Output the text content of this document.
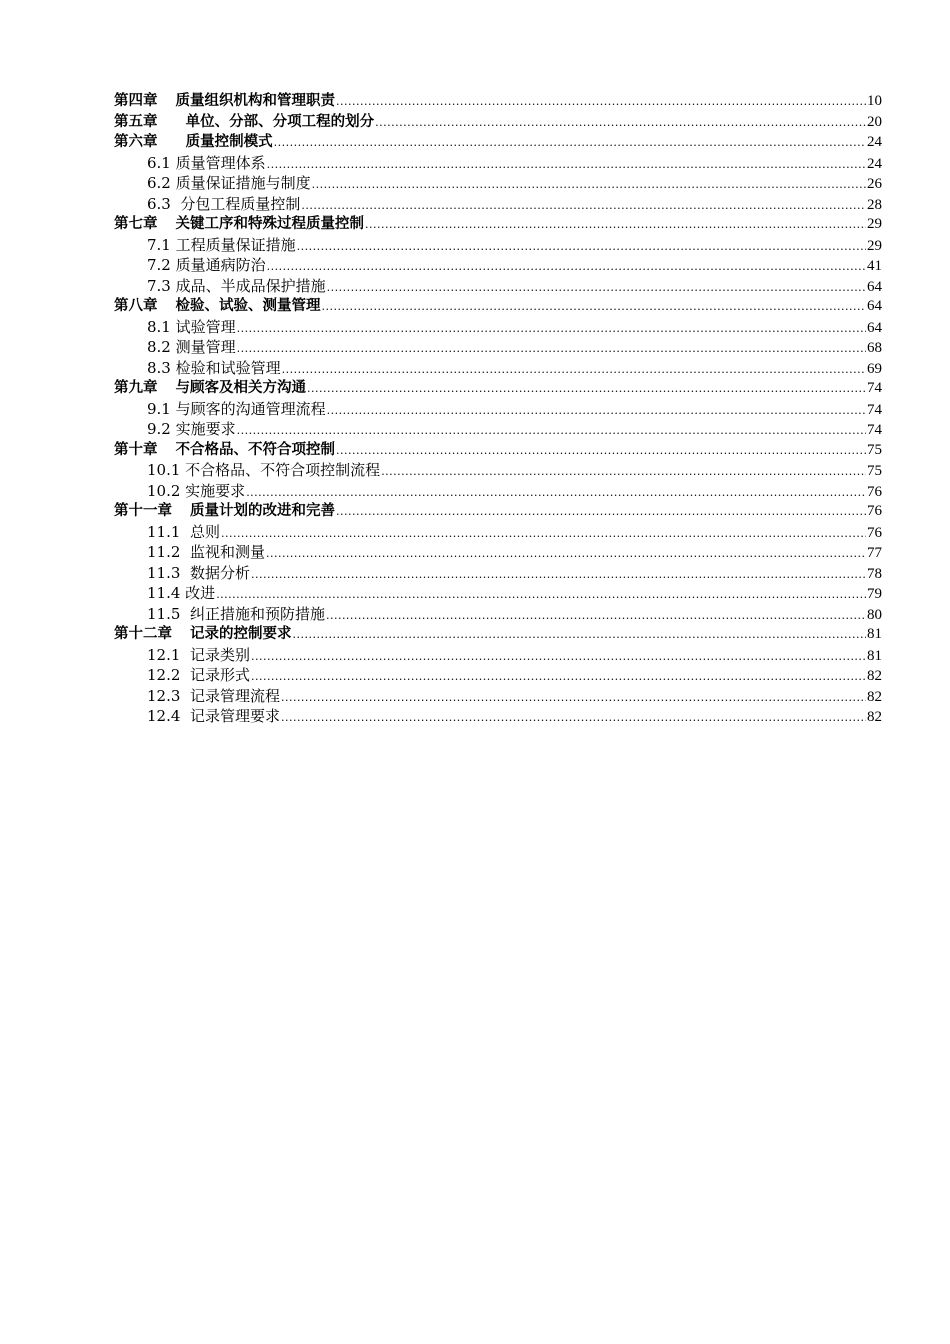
第四章 质量组织机构和管理职责 .....	10
第五章  单位、分部、分项工程的划分 .....	20
第六章  质量控制模式 .....	24
6.1 质量管理体系 .....	24
6.2 质量保证措施与制度 .....	26
6.3  分包工程质量控制 .....	28
第七章 关键工序和特殊过程质量控制 .....	29
7.1 工程质量保证措施 .....	29
7.2 质量通病防治 .....	41
7.3 成品、半成品保护措施 .....	64
第八章 检验、试验、测量管理 .....	64
8.1 试验管理 .....	64
8.2 测量管理 .....	68
8.3 检验和试验管理 .....	69
第九章 与顾客及相关方沟通 .....	74
9.1 与顾客的沟通管理流程 .....	74
9.2 实施要求 .....	74
第十章 不合格品、不符合项控制 .....	75
10.1 不合格品、不符合项控制流程 .....	75
10.2 实施要求 .....	76
第十一章 质量计划的改进和完善 .....	76
11.1  总则 .....	76
11.2  监视和测量 .....	77
11.3  数据分析 .....	78
11.4 改进 .....	79
11.5  纠正措施和预防措施 .....	80
第十二章 记录的控制要求 .....	81
12.1  记录类别 .....	81
12.2  记录形式 .....	82
12.3  记录管理流程 .....	82
12.4  记录管理要求 .....	82
